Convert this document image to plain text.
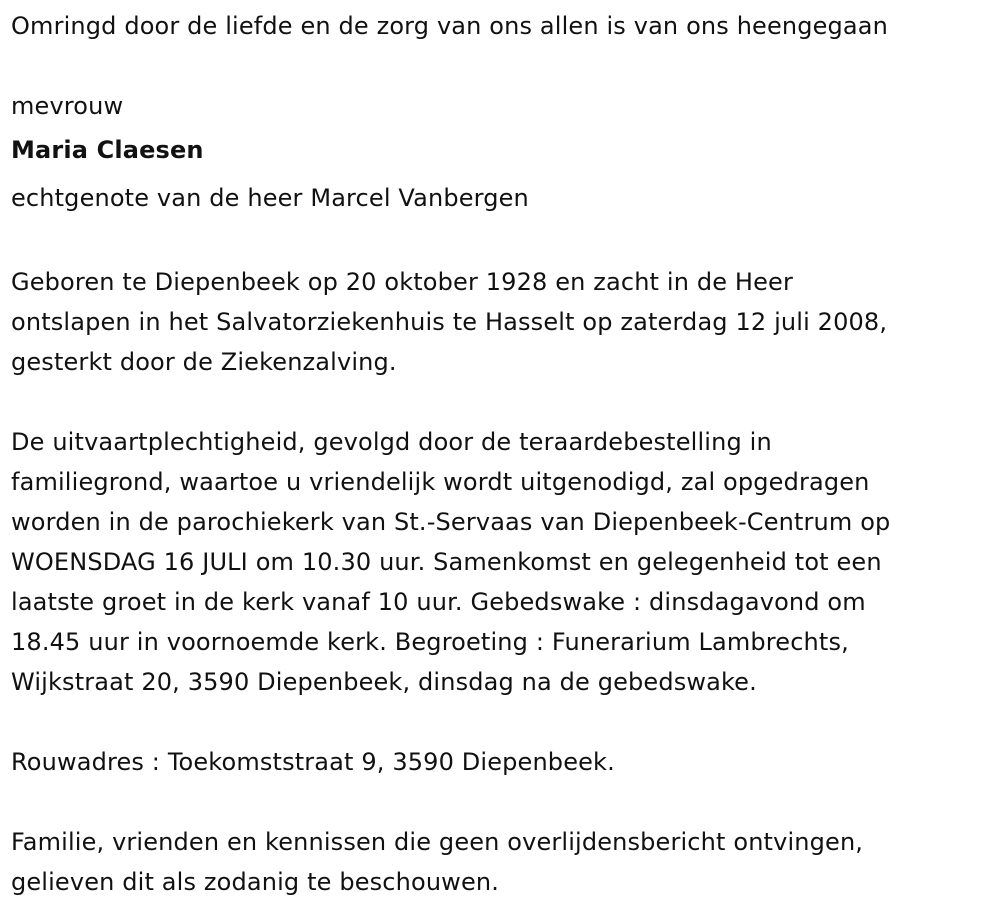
Omringd door de liefde en de zorg van ons allen is van ons heengegaan
mevrouw
Maria Claesen
echtgenote van de heer Marcel Vanbergen
Geboren te Diepenbeek op 20 oktober 1928 en zacht in de Heer
ontslapen in het Salvatorziekenhuis te Hasselt op zaterdag 12 juli 2008,
gesterkt door de Ziekenzalving.
De uitvaartplechtigheid, gevolgd door de teraardebestelling in
familiegrond, waartoe u vriendelijk wordt uitgenodigd, zal opgedragen
worden in de parochiekerk van St.-Servaas van Diepenbeek-Centrum op
WOENSDAG 16 JULI om 10.30 uur. Samenkomst en gelegenheid tot een
laatste groet in de kerk vanaf 10 uur. Gebedswake : dinsdagavond om
18.45 uur in voornoemde kerk. Begroeting : Funerarium Lambrechts,
Wijkstraat 20, 3590 Diepenbeek, dinsdag na de gebedswake.
Rouwadres : Toekomststraat 9, 3590 Diepenbeek.
Familie, vrienden en kennissen die geen overlijdensbericht ontvingen,
gelieven dit als zodanig te beschouwen.
